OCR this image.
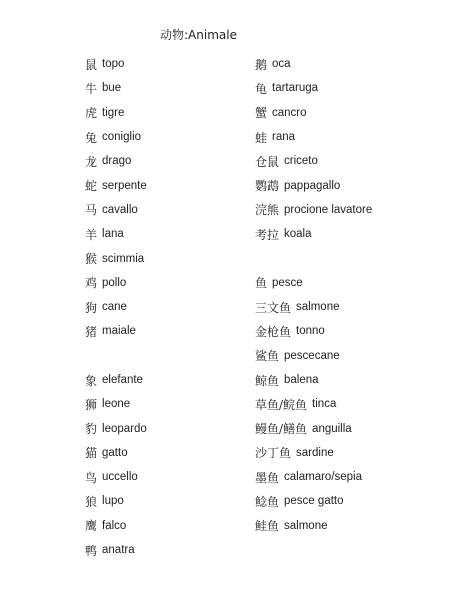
动物:Animale
鼠 topo
牛 bue
虎 tigre
兔 coniglio
龙 drago
蛇 serpente
马 cavallo
羊 lana
猴 scimmia
鸡 pollo
狗 cane
猪 maiale
象 elefante
狮 leone
豹 leopardo
猫 gatto
鸟 uccello
狼 lupo
鹰 falco
鸭 anatra
鹅 oca
龟 tartaruga
蟹 cancro
蛙 rana
仓鼠 criceto
鹦鹉 pappagallo
浣熊 procione lavatore
考拉 koala
鱼 pesce
三文鱼 salmone
金枪鱼 tonno
鲨鱼 pescecane
鲸鱼 balena
草鱼/鲩鱼 tinca
鳗鱼/鳝鱼 anguilla
沙丁鱼 sardine
墨鱼 calamaro/sepia
鲶鱼 pesce gatto
鲑鱼 salmone
